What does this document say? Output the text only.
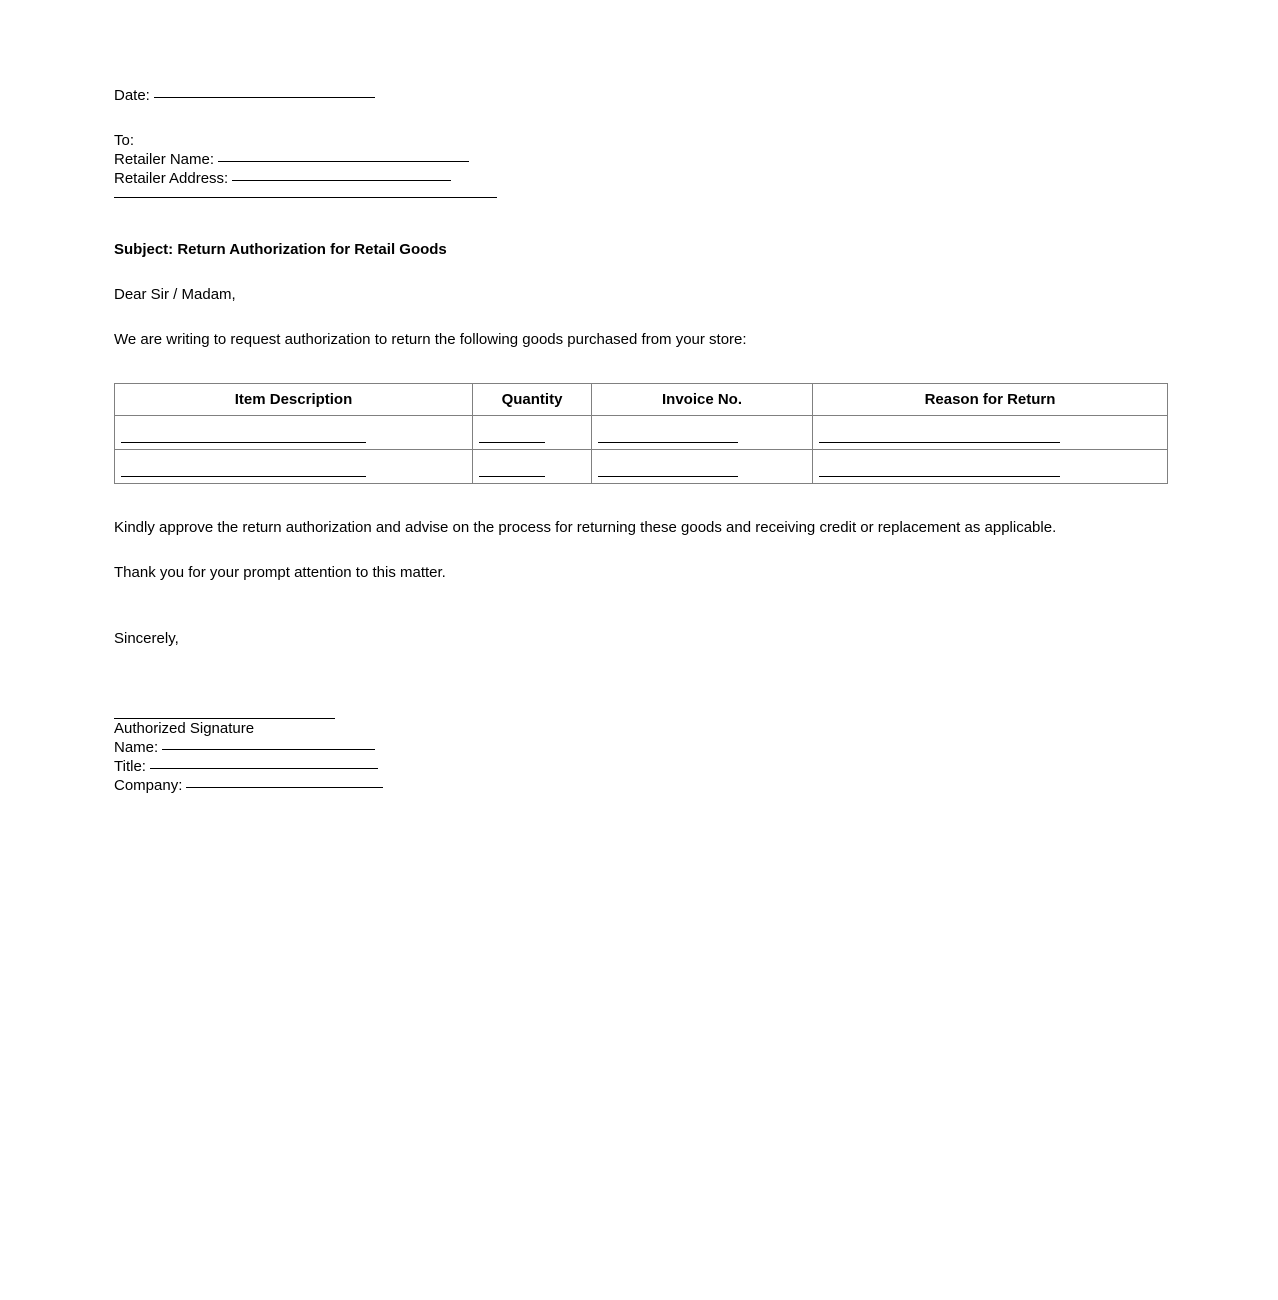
Date:
To:
Retailer Name:
Retailer Address:
Subject: Return Authorization for Retail Goods
Dear Sir / Madam,
We are writing to request authorization to return the following goods purchased from your store:
Item Description	Quantity	Invoice No.	Reason for Return

Kindly approve the return authorization and advise on the process for returning these goods and receiving credit or replacement as applicable.
Thank you for your prompt attention to this matter.
Sincerely,
Authorized Signature
Name:
Title:
Company:
